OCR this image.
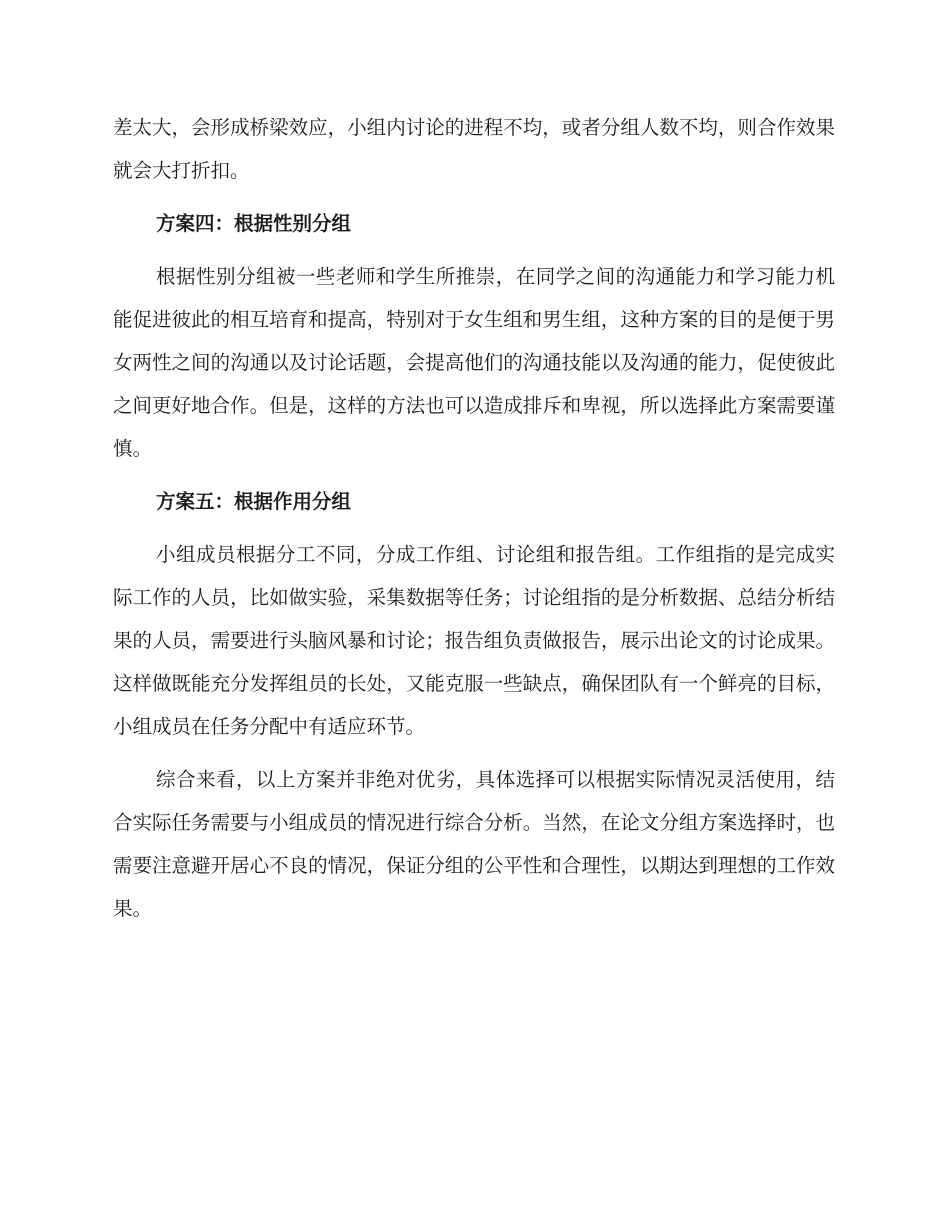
差太大，会形成桥梁效应，小组内讨论的进程不均，或者分组人数不均，则合作效果就会大打折扣。

方案四：根据性别分组

根据性别分组被一些老师和学生所推崇，在同学之间的沟通能力和学习能力机能促进彼此的相互培育和提高，特别对于女生组和男生组，这种方案的目的是便于男女两性之间的沟通以及讨论话题，会提高他们的沟通技能以及沟通的能力，促使彼此之间更好地合作。但是，这样的方法也可以造成排斥和卑视，所以选择此方案需要谨慎。

方案五：根据作用分组

小组成员根据分工不同，分成工作组、讨论组和报告组。工作组指的是完成实际工作的人员，比如做实验，采集数据等任务；讨论组指的是分析数据、总结分析结果的人员，需要进行头脑风暴和讨论；报告组负责做报告，展示出论文的讨论成果。这样做既能充分发挥组员的长处，又能克服一些缺点，确保团队有一个鲜亮的目标，小组成员在任务分配中有适应环节。

综合来看，以上方案并非绝对优劣，具体选择可以根据实际情况灵活使用，结合实际任务需要与小组成员的情况进行综合分析。当然，在论文分组方案选择时，也需要注意避开居心不良的情况，保证分组的公平性和合理性，以期达到理想的工作效果。
